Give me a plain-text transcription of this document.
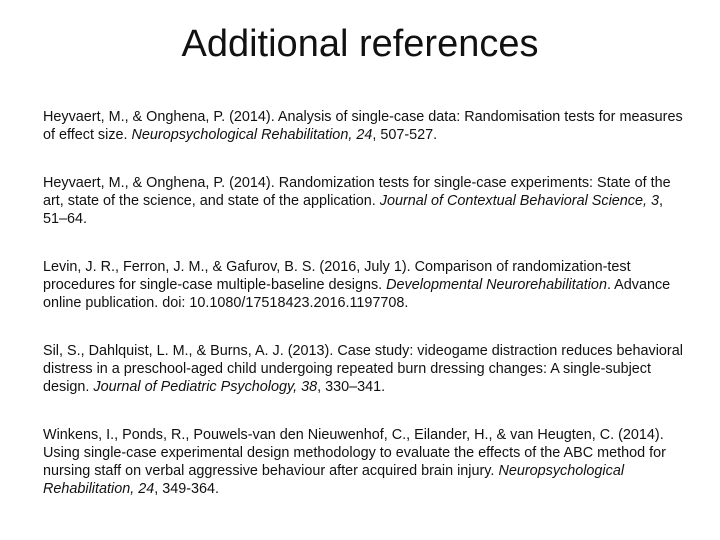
Additional references
Heyvaert, M., & Onghena, P. (2014). Analysis of single-case data: Randomisation tests for measures of effect size. Neuropsychological Rehabilitation, 24, 507-527.
Heyvaert, M., & Onghena, P. (2014). Randomization tests for single-case experiments: State of the art, state of the science, and state of the application. Journal of Contextual Behavioral Science, 3, 51–64.
Levin, J. R., Ferron, J. M., & Gafurov, B. S. (2016, July 1). Comparison of randomization-test procedures for single-case multiple-baseline designs. Developmental Neurorehabilitation. Advance online publication. doi: 10.1080/17518423.2016.1197708.
Sil, S., Dahlquist, L. M., & Burns, A. J. (2013). Case study: videogame distraction reduces behavioral distress in a preschool-aged child undergoing repeated burn dressing changes: A single-subject design. Journal of Pediatric Psychology, 38, 330–341.
Winkens, I., Ponds, R., Pouwels-van den Nieuwenhof, C., Eilander, H., & van Heugten, C. (2014). Using single-case experimental design methodology to evaluate the effects of the ABC method for nursing staff on verbal aggressive behaviour after acquired brain injury. Neuropsychological Rehabilitation, 24, 349-364.
